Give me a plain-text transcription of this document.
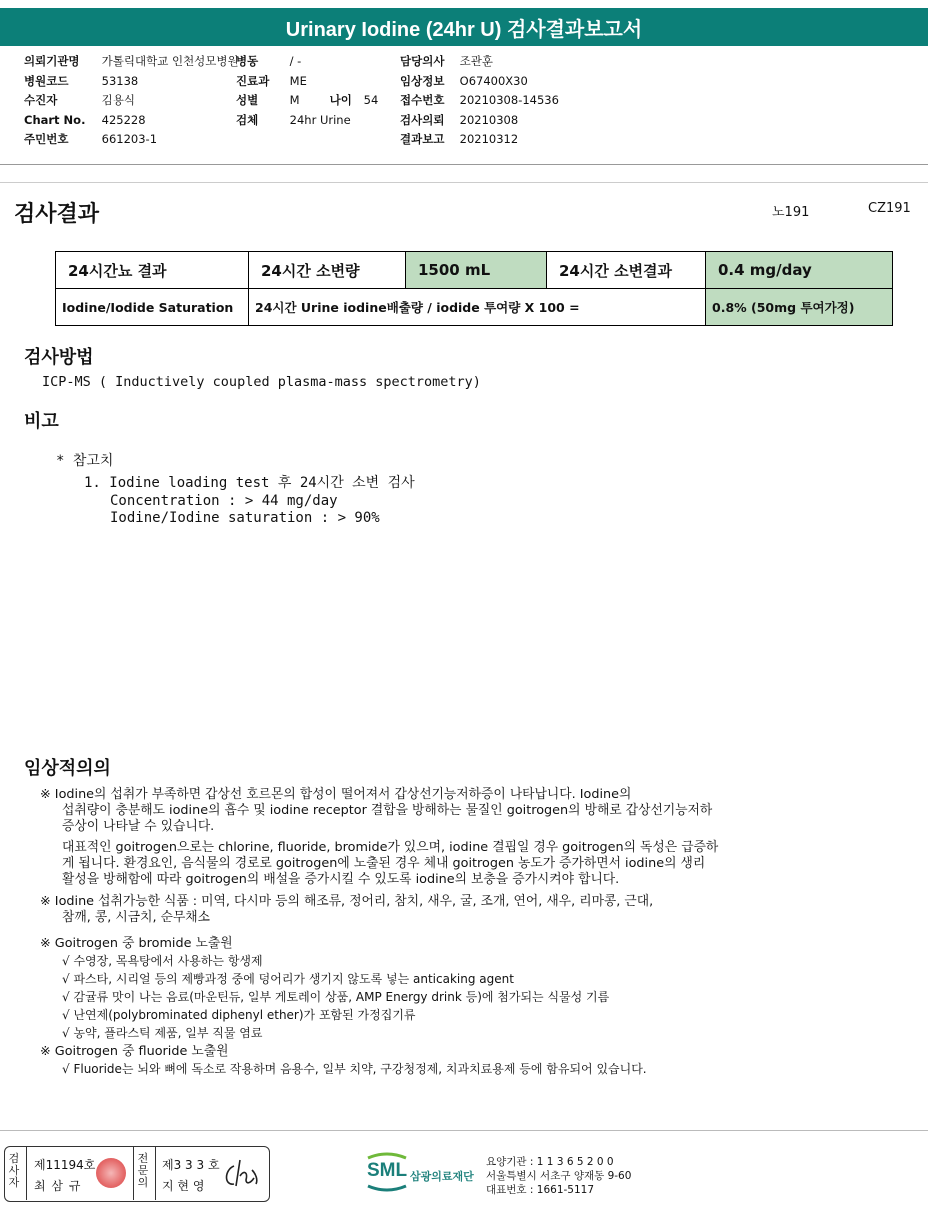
Urinary Iodine (24hr U) 검사결과보고서
의뢰기관명 가톨릭대학교 인천성모병원
병원코드	53138
수진자	김용식
Chart No. 425228
주민번호	661203-1
병동	/ -
진료과 ME
성별	M	나이 54
검체	24hr Urine
담당의사 조관훈
임상정보 O67400X30
접수번호 20210308-14536
검사의뢰 20210308
결과보고 20210312
검사결과	노191	CZ191
24시간뇨 결과	24시간 소변량	1500 mL	24시간 소변결과	0.4 mg/day
Iodine/Iodide Saturation	24시간 Urine iodine배출량 / iodide 투여량 X 100 =			0.8% (50mg 투여가정)
검사방법
ICP-MS ( Inductively coupled plasma-mass spectrometry)
비고
* 참고치
1. Iodine loading test 후 24시간 소변 검사
Concentration : > 44 mg/day
Iodine/Iodine saturation : > 90%
임상적의의

※ Iodine의 섭취가 부족하면 갑상선 호르몬의 합성이 떨어져서 갑상선기능저하증이 나타납니다. Iodine의

섭취량이 충분해도 iodine의 흡수 및 iodine receptor 결합을 방해하는 물질인 goitrogen의 방해로 갑상선기능저하

증상이 나타날 수 있습니다.

대표적인 goitrogen으로는 chlorine, fluoride, bromide가 있으며, iodine 결핍일 경우 goitrogen의 독성은 급증하

게 됩니다. 환경요인, 음식물의 경로로 goitrogen에 노출된 경우 체내 goitrogen 농도가 증가하면서 iodine의 생리

활성을 방해함에 따라 goitrogen의 배설을 증가시킬 수 있도록 iodine의 보충을 증가시켜야 합니다.

※ Iodine 섭취가능한 식품 : 미역, 다시마 등의 해조류, 정어리, 참치, 새우, 굴, 조개, 연어, 새우, 리마콩, 근대,

참깨, 콩, 시금치, 순무채소

※ Goitrogen 중 bromide 노출원

√ 수영장, 목욕탕에서 사용하는 항생제

√ 파스타, 시리얼 등의 제빵과정 중에 덩어리가 생기지 않도록 넣는 anticaking agent

√ 감귤류 맛이 나는 음료(마운틴듀, 일부 게토레이 상품, AMP Energy drink 등)에 첨가되는 식물성 기름

√ 난연제(polybrominated diphenyl ether)가 포함된 가정집기류

√ 농약, 플라스틱 제품, 일부 직물 염료

※ Goitrogen 중 fluoride 노출원

√ Fluoride는 뇌와 뼈에 독소로 작용하며 음용수, 일부 치약, 구강청정제, 치과치료용제 등에 함유되어 있습니다.

검
사
자
제11194호
최 삼 규
전
문
의
제3 3 3 호
지 현 영
SML 삼광의료재단
요양기관 : 1 1 3 6 5 2 0 0
서울특별시 서초구 양재동 9-60
대표번호 : 1661-5117
